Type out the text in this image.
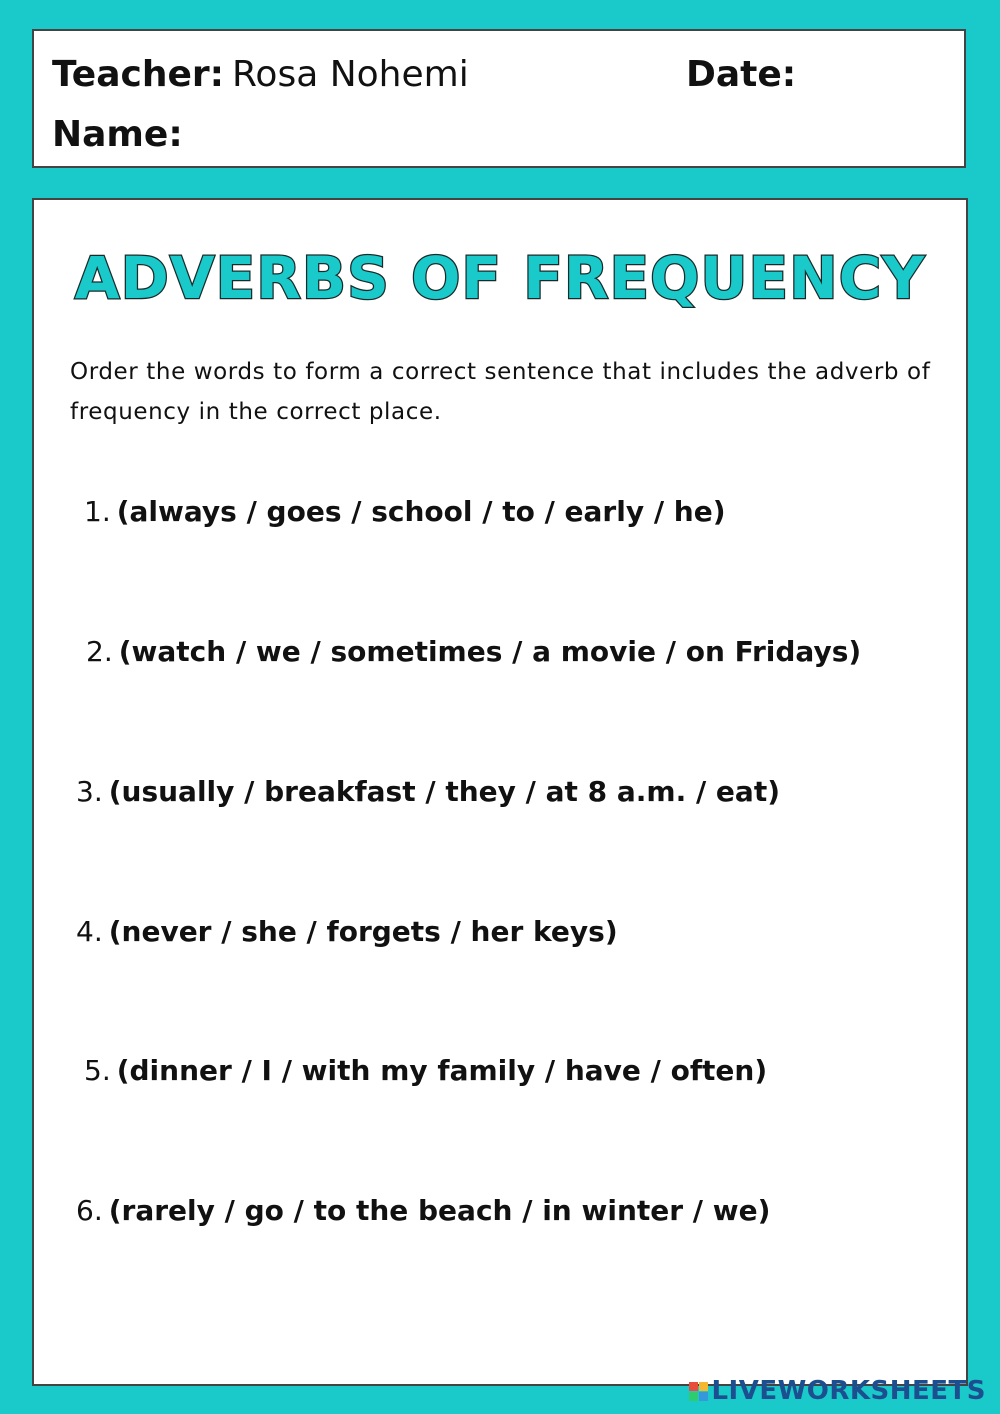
Teacher: Rosa Nohemi	Date:
Name:
ADVERBS OF FREQUENCY
Order the words to form a correct sentence that includes the adverb of frequency in the correct place.
1. (always / goes / school / to / early / he)
2. (watch / we / sometimes / a movie / on Fridays)
3. (usually / breakfast / they / at 8 a.m. / eat)
4. (never / she / forgets / her keys)
5. (dinner / I / with my family / have / often)
6. (rarely / go / to the beach / in winter / we)
LIVEWORKSHEETS
